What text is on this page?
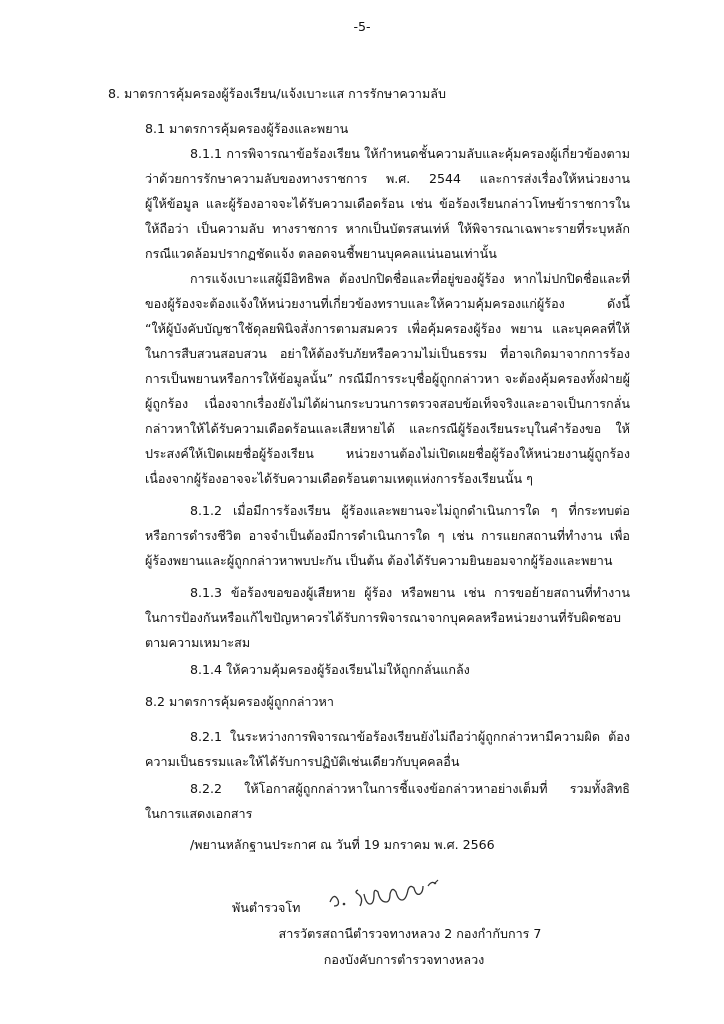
-5-
8. มาตรการคุ้มครองผู้ร้องเรียน/แจ้งเบาะแส การรักษาความลับ
8.1 มาตรการคุ้มครองผู้ร้องและพยาน
8.1.1 การพิจารณาข้อร้องเรียน ให้กำหนดชั้นความลับและคุ้มครองผู้เกี่ยวข้องตาม
ว่าด้วยการรักษาความลับของทางราชการ พ.ศ. 2544 และการส่งเรื่องให้หน่วยงาน
ผู้ให้ข้อมูล และผู้ร้องอาจจะได้รับความเดือดร้อน เช่น ข้อร้องเรียนกล่าวโทษข้าราชการใน
ให้ถือว่า เป็นความลับ ทางราชการ หากเป็นบัตรสนเท่ห์ ให้พิจารณาเฉพาะรายที่ระบุหลัก
กรณีแวดล้อมปรากฏชัดแจ้ง ตลอดจนชี้พยานบุคคลแน่นอนเท่านั้น
การแจ้งเบาะแสผู้มีอิทธิพล ต้องปกปิดชื่อและที่อยู่ของผู้ร้อง หากไม่ปกปิดชื่อและที่
ของผู้ร้องจะต้องแจ้งให้หน่วยงานที่เกี่ยวข้องทราบและให้ความคุ้มครองแก่ผู้ร้อง ดังนี้
“ให้ผู้บังคับบัญชาใช้ดุลยพินิจสั่งการตามสมควร เพื่อคุ้มครองผู้ร้อง พยาน และบุคคลที่ให้
ในการสืบสวนสอบสวน อย่าให้ต้องรับภัยหรือความไม่เป็นธรรม ที่อาจเกิดมาจากการร้อง
การเป็นพยานหรือการให้ข้อมูลนั้น” กรณีมีการระบุชื่อผู้ถูกกล่าวหา จะต้องคุ้มครองทั้งฝ่ายผู้
ผู้ถูกร้อง เนื่องจากเรื่องยังไม่ได้ผ่านกระบวนการตรวจสอบข้อเท็จจริงและอาจเป็นการกลั่น
กล่าวหาให้ได้รับความเดือดร้อนและเสียหายได้ และกรณีผู้ร้องเรียนระบุในคำร้องขอ ให้
ประสงค์ให้เปิดเผยชื่อผู้ร้องเรียน หน่วยงานต้องไม่เปิดเผยชื่อผู้ร้องให้หน่วยงานผู้ถูกร้อง
เนื่องจากผู้ร้องอาจจะได้รับความเดือดร้อนตามเหตุแห่งการร้องเรียนนั้น ๆ
8.1.2 เมื่อมีการร้องเรียน ผู้ร้องและพยานจะไม่ถูกดำเนินการใด ๆ ที่กระทบต่อ
หรือการดำรงชีวิต อาจจำเป็นต้องมีการดำเนินการใด ๆ เช่น การแยกสถานที่ทำงาน เพื่อ
ผู้ร้องพยานและผู้ถูกกล่าวหาพบปะกัน เป็นต้น ต้องได้รับความยินยอมจากผู้ร้องและพยาน
8.1.3 ข้อร้องขอของผู้เสียหาย ผู้ร้อง หรือพยาน เช่น การขอย้ายสถานที่ทำงาน
ในการป้องกันหรือแก้ไขปัญหาควรได้รับการพิจารณาจากบุคคลหรือหน่วยงานที่รับผิดชอบ
ตามความเหมาะสม
8.1.4 ให้ความคุ้มครองผู้ร้องเรียนไม่ให้ถูกกลั่นแกล้ง
8.2 มาตรการคุ้มครองผู้ถูกกล่าวหา
8.2.1 ในระหว่างการพิจารณาข้อร้องเรียนยังไม่ถือว่าผู้ถูกกล่าวหามีความผิด ต้อง
ความเป็นธรรมและให้ได้รับการปฏิบัติเช่นเดียวกับบุคคลอื่น
8.2.2 ให้โอกาสผู้ถูกกล่าวหาในการชี้แจงข้อกล่าวหาอย่างเต็มที่ รวมทั้งสิทธิ
ในการแสดงเอกสาร
/พยานหลักฐานประกาศ ณ วันที่ 19 มกราคม พ.ศ. 2566
พันตำรวจโท
สารวัตรสถานีตำรวจทางหลวง 2 กองกำกับการ 7
กองบังคับการตำรวจทางหลวง
